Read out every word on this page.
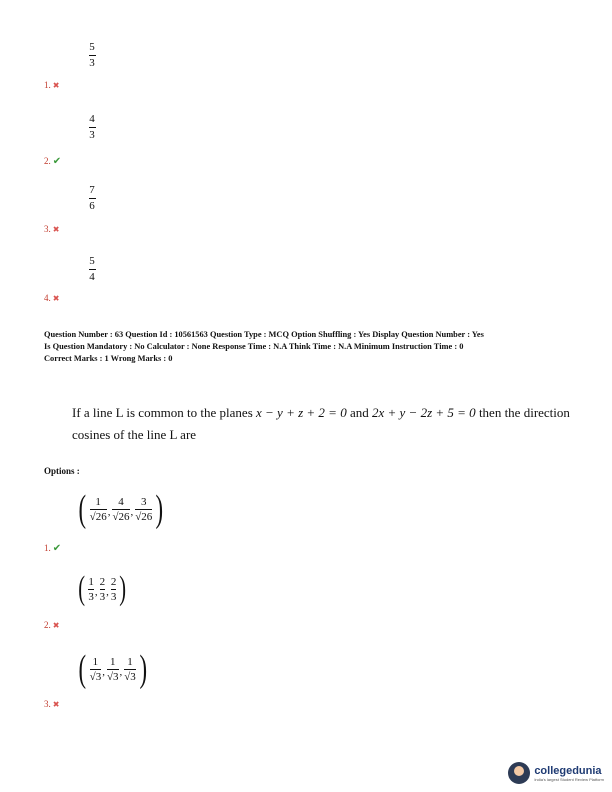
5
3
1. ✖
4
3
2. ✔
7
6
3. ✖
5
4
4. ✖
Question Number : 63 Question Id : 10561563 Question Type : MCQ Option Shuffling : Yes Display Question Number : Yes
Is Question Mandatory : No Calculator : None Response Time : N.A Think Time : N.A Minimum Instruction Time : 0
Correct Marks : 1 Wrong Marks : 0
If a line L is common to the planes x − y + z + 2 = 0 and 2x + y − 2z + 5 = 0 then the direction cosines of the line L are
Options :
( 1
√26 ,
4
√26 ,
3
√26 )
1. ✔
( 1
3 ,
2
3 ,
2
3 )
2. ✖
( 1
√3 ,
1
√3 ,
1
√3 )
3. ✖
collegedunia
India's largest Student Review Platform
